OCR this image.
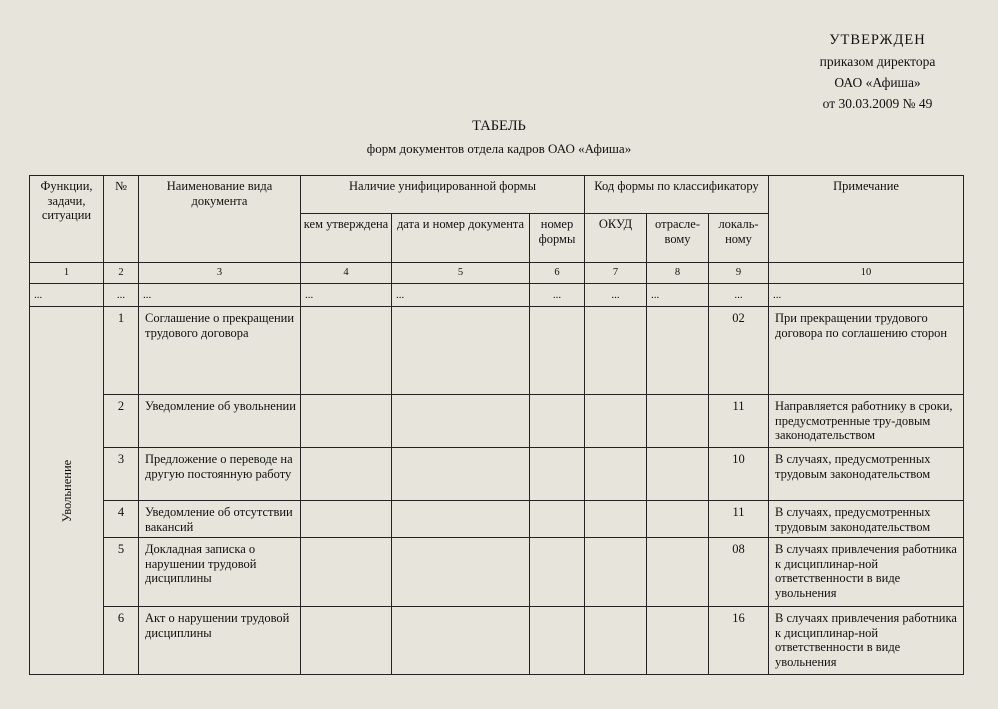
УТВЕРЖДЕН
приказом директора
ОАО «Афиша»
от 30.03.2009 № 49
ТАБЕЛЬ
форм документов отдела кадров ОАО «Афиша»
Функции, задачи, ситуации	№	Наименование вида документа	Наличие унифицированной формы			Код формы по классификатору			Примечание
			кем утверждена	дата и номер документа	номер формы	ОКУД	отрасле-вому	локаль-ному	
1	2	3	4	5	6	7	8	9	10
...	...	...	...	...	...	...	...	...	...

Увольнение	1	Соглашение о прекращении трудового договора						02	При прекращении трудового договора по соглашению сторон
	2	Уведомление об увольнении						11	Направляется работнику в сроки, предусмотренные тру-довым законодательством
	3	Предложение о переводе на другую постоянную работу						10	В случаях, предусмотренных трудовым законодательством
	4	Уведомление об отсутствии вакансий						11	В случаях, предусмотренных трудовым законодательством
	5	Докладная записка о нарушении трудовой дисциплины						08	В случаях привлечения работника к дисциплинар-ной ответственности в виде увольнения
	6	Акт о нарушении трудовой дисциплины						16	В случаях привлечения работника к дисциплинар-ной ответственности в виде увольнения
